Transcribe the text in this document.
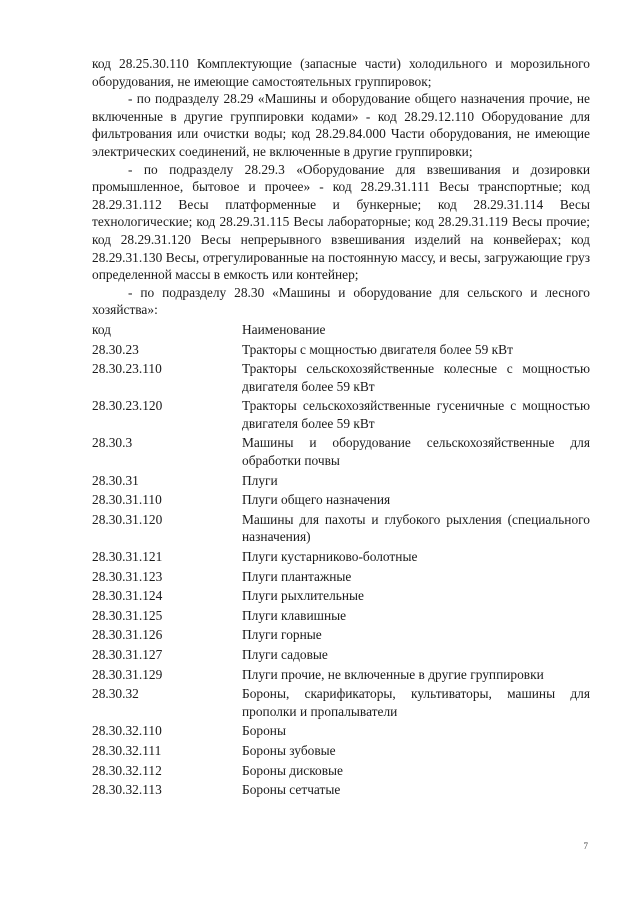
код 28.25.30.110 Комплектующие (запасные части) холодильного и морозильного оборудования, не имеющие самостоятельных группировок;

- по подразделу 28.29 «Машины и оборудование общего назначения прочие, не включенные в другие группировки кодами» - код 28.29.12.110 Оборудование для фильтрования или очистки воды; код 28.29.84.000 Части оборудования, не имеющие электрических соединений, не включенные в другие группировки;

- по подразделу 28.29.3 «Оборудование для взвешивания и дозировки промышленное, бытовое и прочее» - код 28.29.31.111 Весы транспортные; код 28.29.31.112 Весы платформенные и бункерные; код 28.29.31.114 Весы технологические; код 28.29.31.115 Весы лабораторные; код 28.29.31.119 Весы прочие; код 28.29.31.120 Весы непрерывного взвешивания изделий на конвейерах; код 28.29.31.130 Весы, отрегулированные на постоянную массу, и весы, загружающие груз определенной массы в емкость или контейнер;

- по подразделу 28.30 «Машины и оборудование для сельского и лесного хозяйства»:

код	Наименование
28.30.23	Тракторы с мощностью двигателя более 59 кВт
28.30.23.110	Тракторы сельскохозяйственные колесные с мощностью двигателя более 59 кВт
28.30.23.120	Тракторы сельскохозяйственные гусеничные с мощностью двигателя более 59 кВт
28.30.3	Машины и оборудование сельскохозяйственные для обработки почвы
28.30.31	Плуги
28.30.31.110	Плуги общего назначения
28.30.31.120	Машины для пахоты и глубокого рыхления (специального назначения)
28.30.31.121	Плуги кустарниково-болотные
28.30.31.123	Плуги плантажные
28.30.31.124	Плуги рыхлительные
28.30.31.125	Плуги клавишные
28.30.31.126	Плуги горные
28.30.31.127	Плуги садовые
28.30.31.129	Плуги прочие, не включенные в другие группировки
28.30.32	Бороны, скарификаторы, культиваторы, машины для прополки и пропалыватели
28.30.32.110	Бороны
28.30.32.111	Бороны зубовые
28.30.32.112	Бороны дисковые
28.30.32.113	Бороны сетчатые
7
